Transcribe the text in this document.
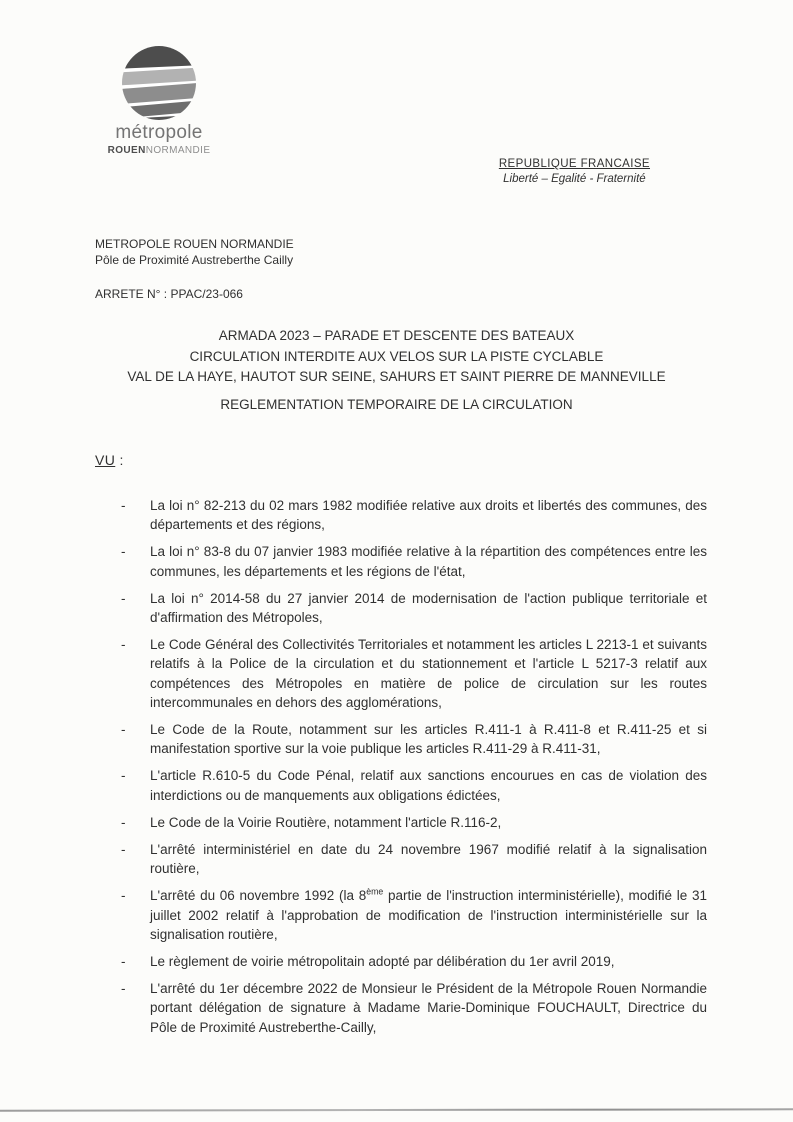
métropole
ROUENNORMANDIE
REPUBLIQUE FRANCAISE
Liberté – Egalité - Fraternité
METROPOLE ROUEN NORMANDIE
Pôle de Proximité Austreberthe Cailly
ARRETE N° : PPAC/23-066
ARMADA 2023 – PARADE ET DESCENTE DES BATEAUX
CIRCULATION INTERDITE AUX VELOS SUR LA PISTE CYCLABLE
VAL DE LA HAYE, HAUTOT SUR SEINE, SAHURS ET SAINT PIERRE DE MANNEVILLE
REGLEMENTATION TEMPORAIRE DE LA CIRCULATION
VU :
-	La loi n° 82-213 du 02 mars 1982 modifiée relative aux droits et libertés des communes, des départements et des régions,

-	La loi n° 83-8 du 07 janvier 1983 modifiée relative à la répartition des compétences entre les communes, les départements et les régions de l'état,

-	La loi n° 2014-58 du 27 janvier 2014 de modernisation de l'action publique territoriale et d'affirmation des Métropoles,

-	Le Code Général des Collectivités Territoriales et notamment les articles L 2213-1 et suivants relatifs à la Police de la circulation et du stationnement et l'article L 5217-3 relatif aux compétences des Métropoles en matière de police de circulation sur les routes intercommunales en dehors des agglomérations,

-	Le Code de la Route, notamment sur les articles R.411-1 à R.411-8 et R.411-25 et si manifestation sportive sur la voie publique les articles R.411-29 à R.411-31,

-	L'article R.610-5 du Code Pénal, relatif aux sanctions encourues en cas de violation des interdictions ou de manquements aux obligations édictées,

-	Le Code de la Voirie Routière, notamment l'article R.116-2,

-	L'arrêté interministériel en date du 24 novembre 1967 modifié relatif à la signalisation routière,

-	L'arrêté du 06 novembre 1992 (la 8ème partie de l'instruction interministérielle), modifié le 31 juillet 2002 relatif à l'approbation de modification de l'instruction interministérielle sur la signalisation routière,

-	Le règlement de voirie métropolitain adopté par délibération du 1er avril 2019,

-	L'arrêté du 1er décembre 2022 de Monsieur le Président de la Métropole Rouen Normandie portant délégation de signature à Madame Marie-Dominique FOUCHAULT, Directrice du Pôle de Proximité Austreberthe-Cailly,
